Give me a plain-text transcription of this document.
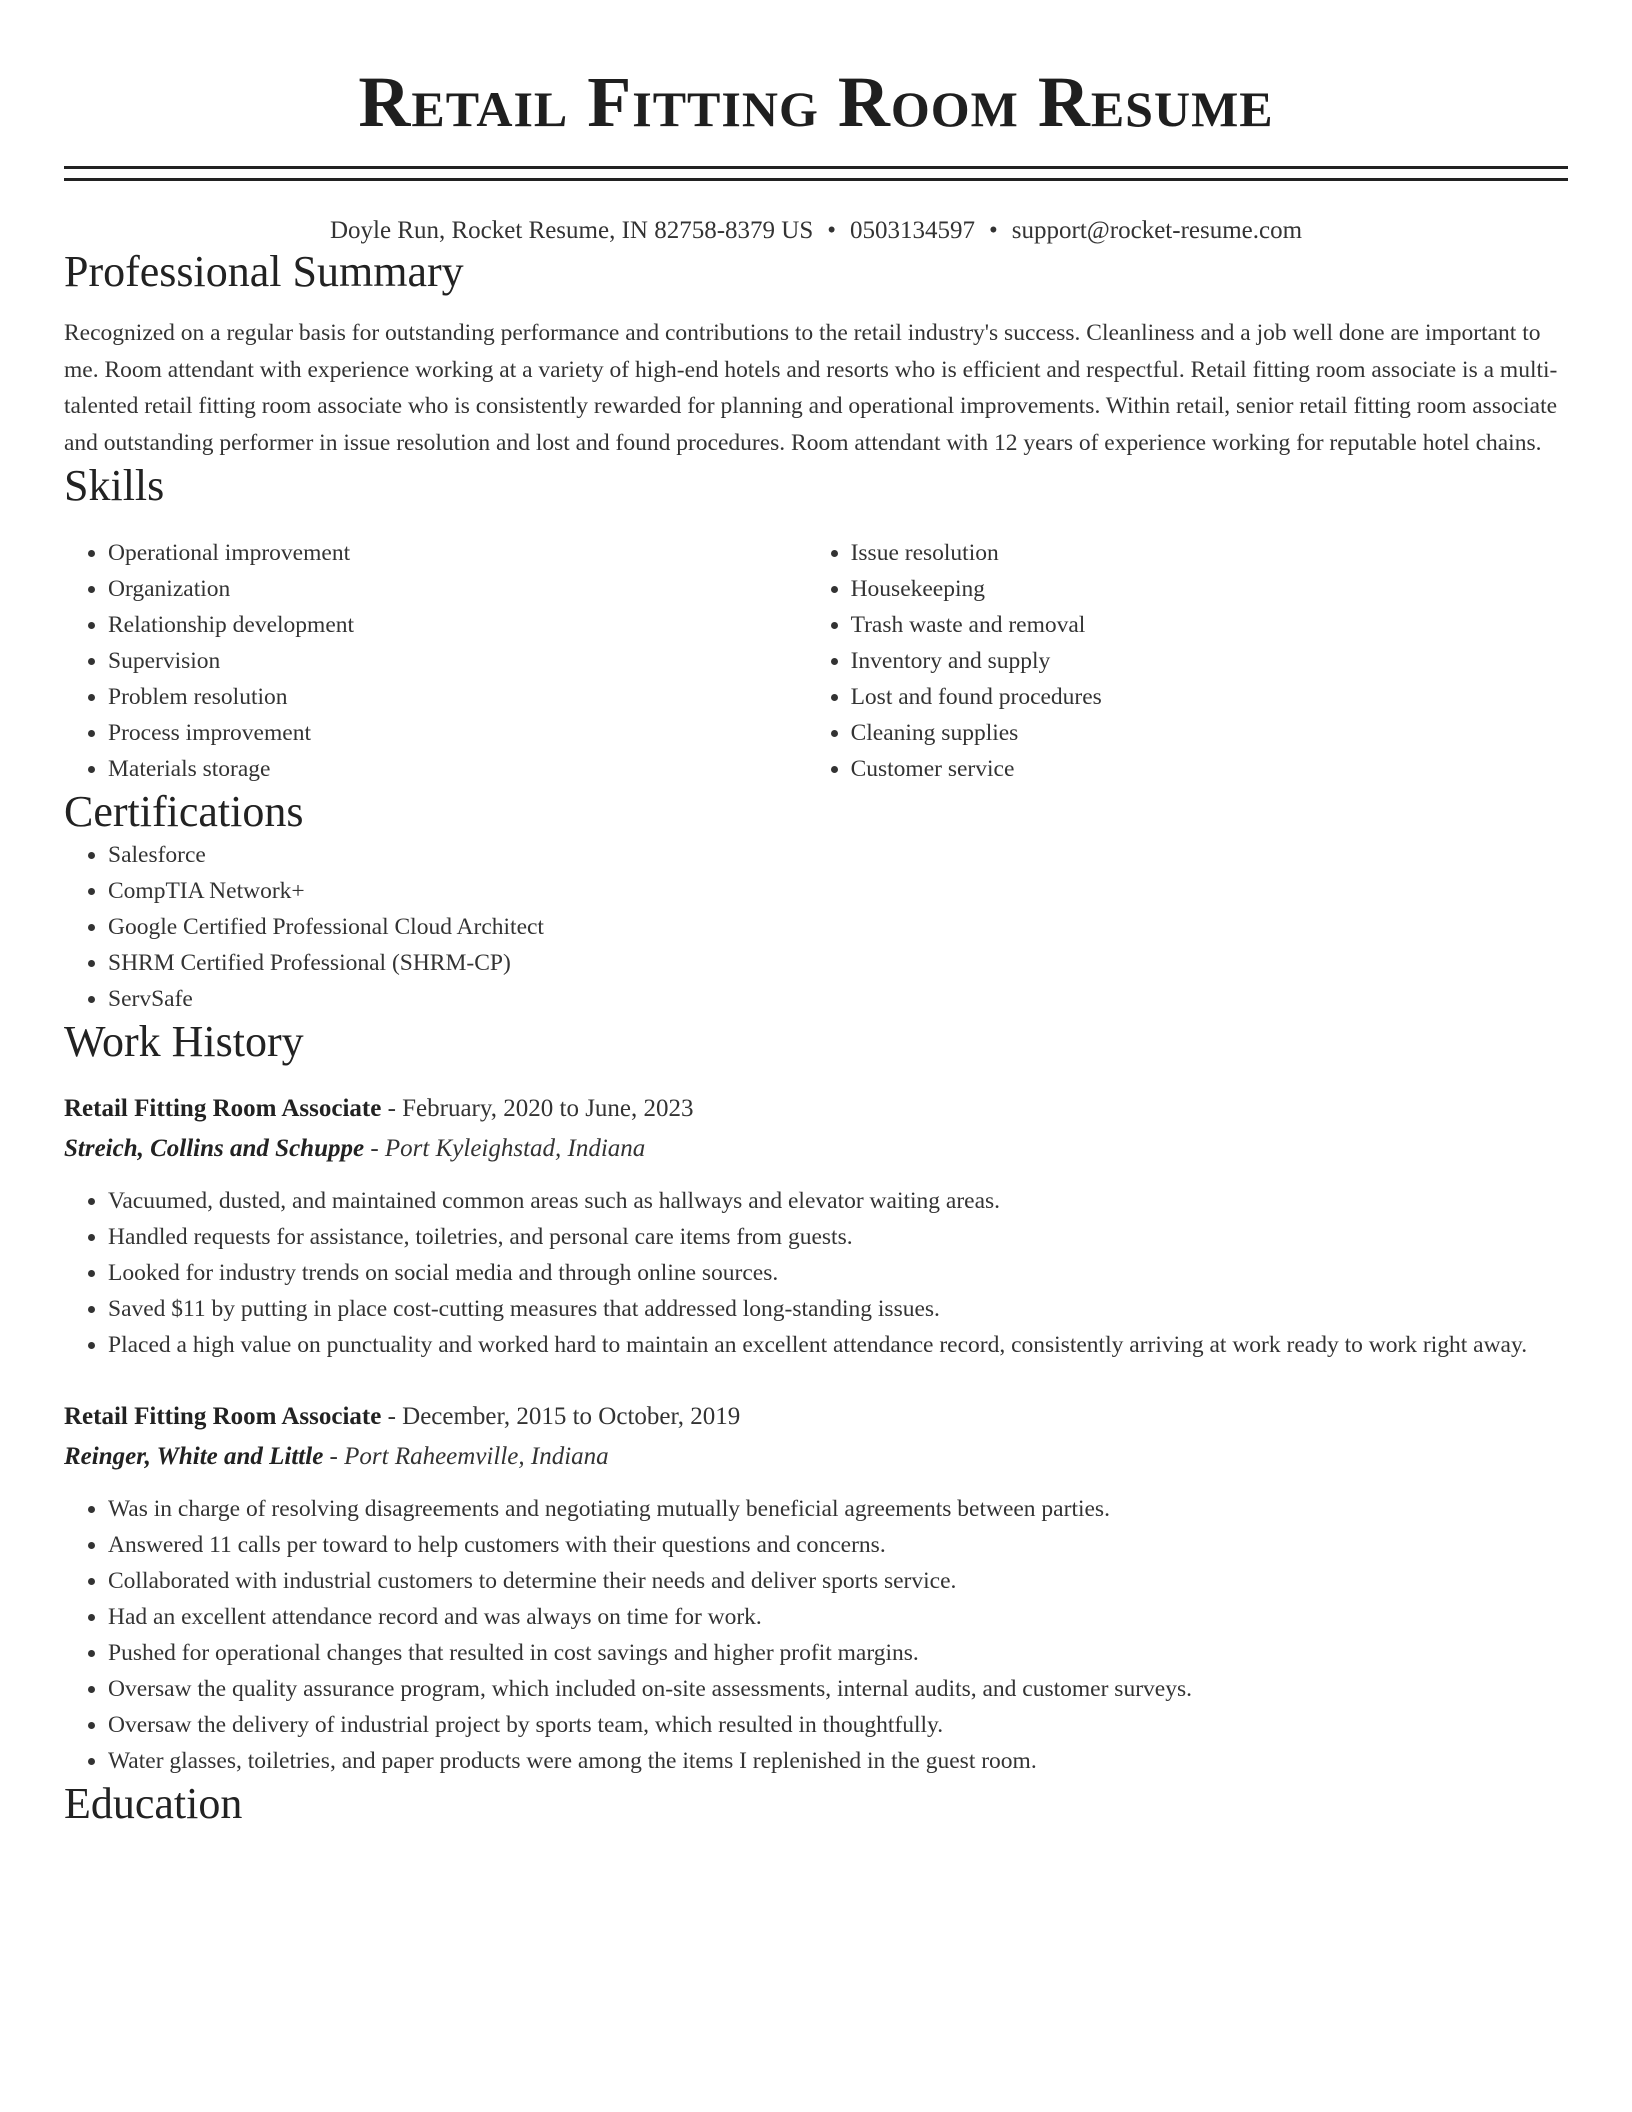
Retail Fitting Room Resume
Doyle Run, Rocket Resume, IN 82758-8379 US • 0503134597 • support@rocket-resume.com
Professional Summary

Recognized on a regular basis for outstanding performance and contributions to the retail industry's success. Cleanliness and a job well done are important to me. Room attendant with experience working at a variety of high-end hotels and resorts who is efficient and respectful. Retail fitting room associate is a multi-talented retail fitting room associate who is consistently rewarded for planning and operational improvements. Within retail, senior retail fitting room associate and outstanding performer in issue resolution and lost and found procedures. Room attendant with 12 years of experience working for reputable hotel chains.

Skills
• Operational improvement
• Organization
• Relationship development
• Supervision
• Problem resolution
• Process improvement
• Materials storage
• Issue resolution
• Housekeeping
• Trash waste and removal
• Inventory and supply
• Lost and found procedures
• Cleaning supplies
• Customer service
Certifications
• Salesforce
• CompTIA Network+
• Google Certified Professional Cloud Architect
• SHRM Certified Professional (SHRM-CP)
• ServSafe
Work History
Retail Fitting Room Associate - February, 2020 to June, 2023
Streich, Collins and Schuppe - Port Kyleighstad, Indiana
• Vacuumed, dusted, and maintained common areas such as hallways and elevator waiting areas.
• Handled requests for assistance, toiletries, and personal care items from guests.
• Looked for industry trends on social media and through online sources.
• Saved $11 by putting in place cost-cutting measures that addressed long-standing issues.
• Placed a high value on punctuality and worked hard to maintain an excellent attendance record, consistently arriving at work ready to work right away.
Retail Fitting Room Associate - December, 2015 to October, 2019
Reinger, White and Little - Port Raheemville, Indiana
• Was in charge of resolving disagreements and negotiating mutually beneficial agreements between parties.
• Answered 11 calls per toward to help customers with their questions and concerns.
• Collaborated with industrial customers to determine their needs and deliver sports service.
• Had an excellent attendance record and was always on time for work.
• Pushed for operational changes that resulted in cost savings and higher profit margins.
• Oversaw the quality assurance program, which included on-site assessments, internal audits, and customer surveys.
• Oversaw the delivery of industrial project by sports team, which resulted in thoughtfully.
• Water glasses, toiletries, and paper products were among the items I replenished in the guest room.
Education
